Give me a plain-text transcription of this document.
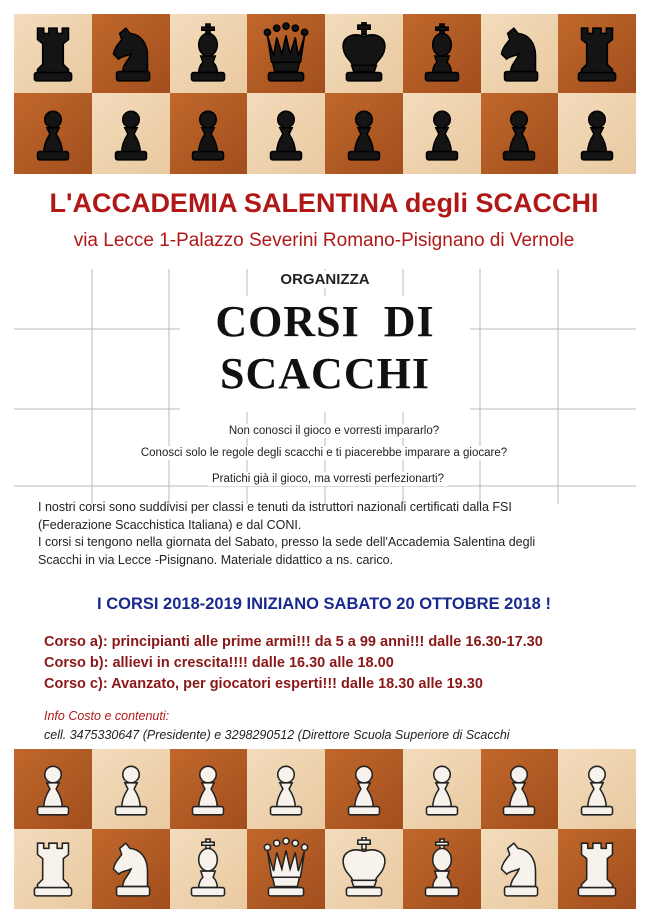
L'ACCADEMIA SALENTINA degli SCACCHI
via Lecce 1-Palazzo Severini Romano-Pisignano di Vernole
ORGANIZZA
CORSI  DI
SCACCHI
Non conosci il gioco e vorresti impararlo?
Conosci solo le regole degli scacchi e ti piacerebbe imparare a giocare?
Pratichi già il gioco, ma vorresti perfezionarti?
I nostri corsi sono suddivisi per classi e tenuti da istruttori nazionali certificati dalla FSI
(Federazione Scacchistica Italiana) e dal CONI.
I corsi si tengono nella giornata del Sabato, presso la sede dell'Accademia Salentina degli
Scacchi in via Lecce -Pisignano. Materiale didattico a ns. carico.
I CORSI 2018-2019 INIZIANO SABATO 20 OTTOBRE 2018 !
Corso a): principianti alle prime armi!!! da 5 a 99 anni!!! dalle 16.30-17.30
Corso b): allievi in crescita!!!! dalle 16.30 alle 18.00
Corso c): Avanzato, per giocatori esperti!!! dalle 18.30 alle 19.30
Info Costo e contenuti:
cell. 3475330647 (Presidente) e 3298290512 (Direttore Scuola Superiore di Scacchi
